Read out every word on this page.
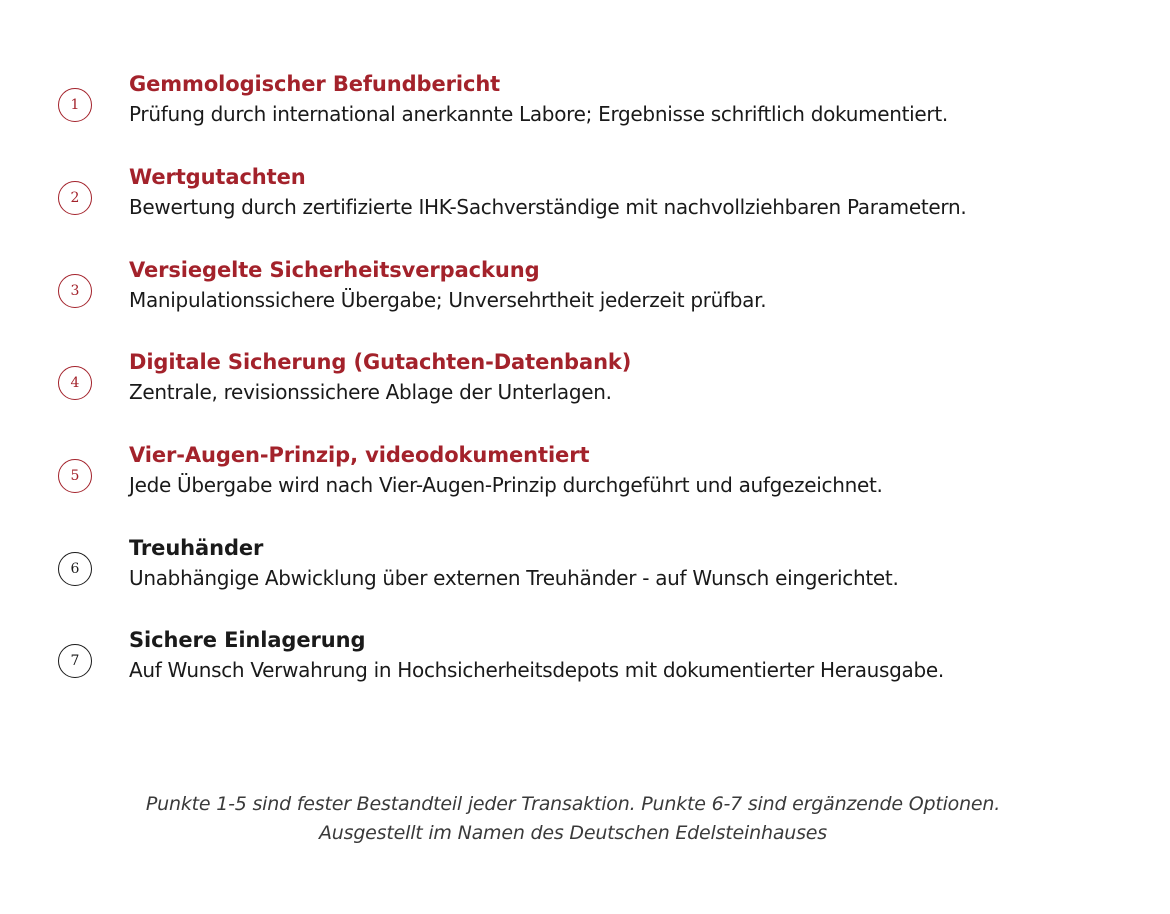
1
Gemmologischer Befundbericht
Prüfung durch international anerkannte Labore; Ergebnisse schriftlich dokumentiert.
2
Wertgutachten
Bewertung durch zertifizierte IHK-Sachverständige mit nachvollziehbaren Parametern.
3
Versiegelte Sicherheitsverpackung
Manipulationssichere Übergabe; Unversehrtheit jederzeit prüfbar.
4
Digitale Sicherung (Gutachten-Datenbank)
Zentrale, revisionssichere Ablage der Unterlagen.
5
Vier-Augen-Prinzip, videodokumentiert
Jede Übergabe wird nach Vier-Augen-Prinzip durchgeführt und aufgezeichnet.
6
Treuhänder
Unabhängige Abwicklung über externen Treuhänder - auf Wunsch eingerichtet.
7
Sichere Einlagerung
Auf Wunsch Verwahrung in Hochsicherheitsdepots mit dokumentierter Herausgabe.
Punkte 1-5 sind fester Bestandteil jeder Transaktion. Punkte 6-7 sind ergänzende Optionen.
Ausgestellt im Namen des Deutschen Edelsteinhauses
